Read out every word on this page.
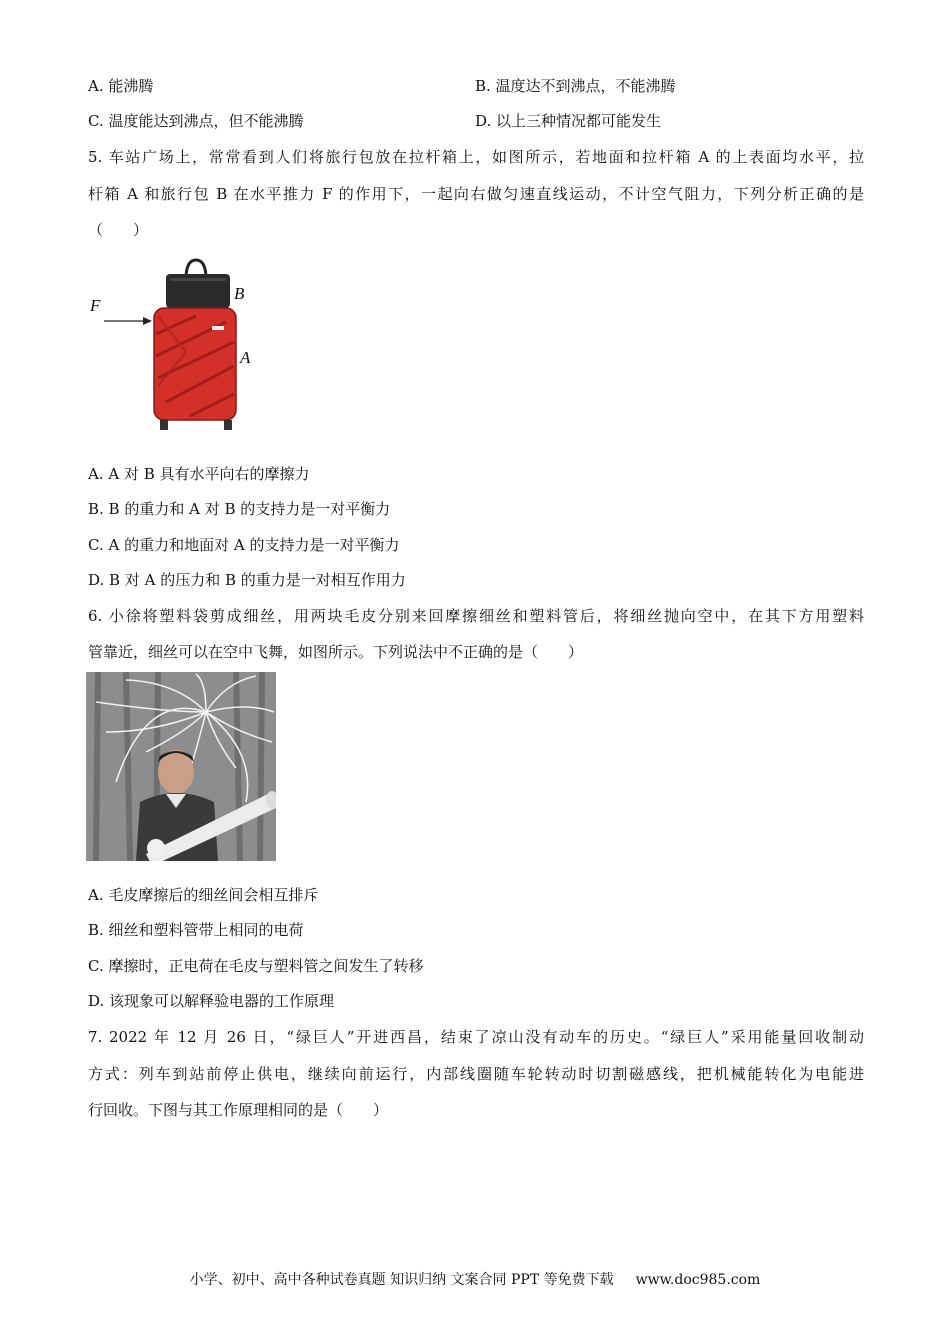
A. 能沸腾	B. 温度达不到沸点，不能沸腾
C. 温度能达到沸点，但不能沸腾	D. 以上三种情况都可能发生
5. 车站广场上，常常看到人们将旅行包放在拉杆箱上，如图所示，若地面和拉杆箱 A 的上表面均水平，拉
杆箱 A 和旅行包 B 在水平推力 F 的作用下，一起向右做匀速直线运动，不计空气阻力，下列分析正确的是
（　　）
F
B
A
A. A 对 B 具有水平向右的摩擦力
B. B 的重力和 A 对 B 的支持力是一对平衡力
C. A 的重力和地面对 A 的支持力是一对平衡力
D. B 对 A 的压力和 B 的重力是一对相互作用力
6. 小徐将塑料袋剪成细丝，用两块毛皮分别来回摩擦细丝和塑料管后，将细丝抛向空中，在其下方用塑料
管靠近，细丝可以在空中飞舞，如图所示。下列说法中不正确的是（　　）
A. 毛皮摩擦后的细丝间会相互排斥
B. 细丝和塑料管带上相同的电荷
C. 摩擦时，正电荷在毛皮与塑料管之间发生了转移
D. 该现象可以解释验电器的工作原理
7. 2022 年 12 月 26 日，“绿巨人”开进西昌，结束了凉山没有动车的历史。“绿巨人”采用能量回收制动
方式：列车到站前停止供电，继续向前运行，内部线圈随车轮转动时切割磁感线，把机械能转化为电能进
行回收。下图与其工作原理相同的是（　　）
小学、初中、高中各种试卷真题 知识归纳 文案合同 PPT 等免费下载 www.doc985.com
